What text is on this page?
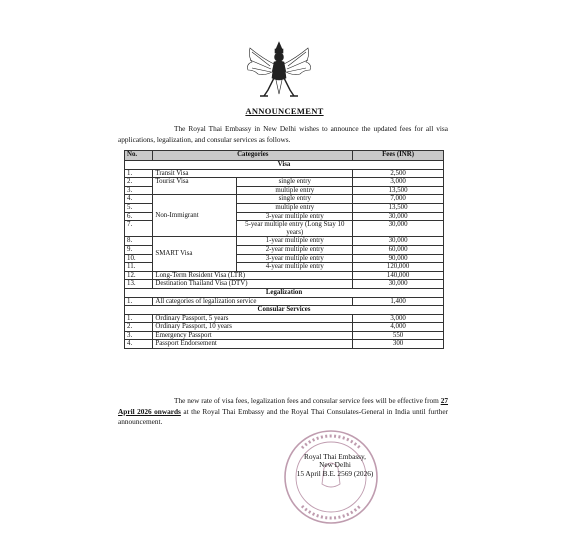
ANNOUNCEMENT
The Royal Thai Embassy in New Delhi wishes to announce the updated fees for all visa applications, legalization, and consular services as follows.
No.	Categories		Fees (INR)
Visa			
1.	Transit Visa		2,500
2.	Tourist Visa	single entry	3,000
3.		multiple entry	13,500
4.	Non-Immigrant	single entry	7,000
5.		multiple entry	13,500
6.		3-year multiple entry	30,000
7.		5-year multiple entry (Long Stay 10 years)	30,000
8.	SMART Visa	1-year multiple entry	30,000
9.		2-year multiple entry	60,000
10.		3-year multiple entry	90,000
11.		4-year multiple entry	120,000
12.	Long-Term Resident Visa (LTR)		140,000
13.	Destination Thailand Visa (DTV)		30,000
Legalization			
1.	All categories of legalization service		1,400
Consular Services			
1.	Ordinary Passport, 5 years		3,000
2.	Ordinary Passport, 10 years		4,000
3.	Emergency Passport		550
4.	Passport Endorsement		300
The new rate of visa fees, legalization fees and consular service fees will be effective from 27 April 2026 onwards at the Royal Thai Embassy and the Royal Thai Consulates-General in India until further announcement.
Royal Thai Embassy,
New Delhi
15 April B.E. 2569 (2026)
